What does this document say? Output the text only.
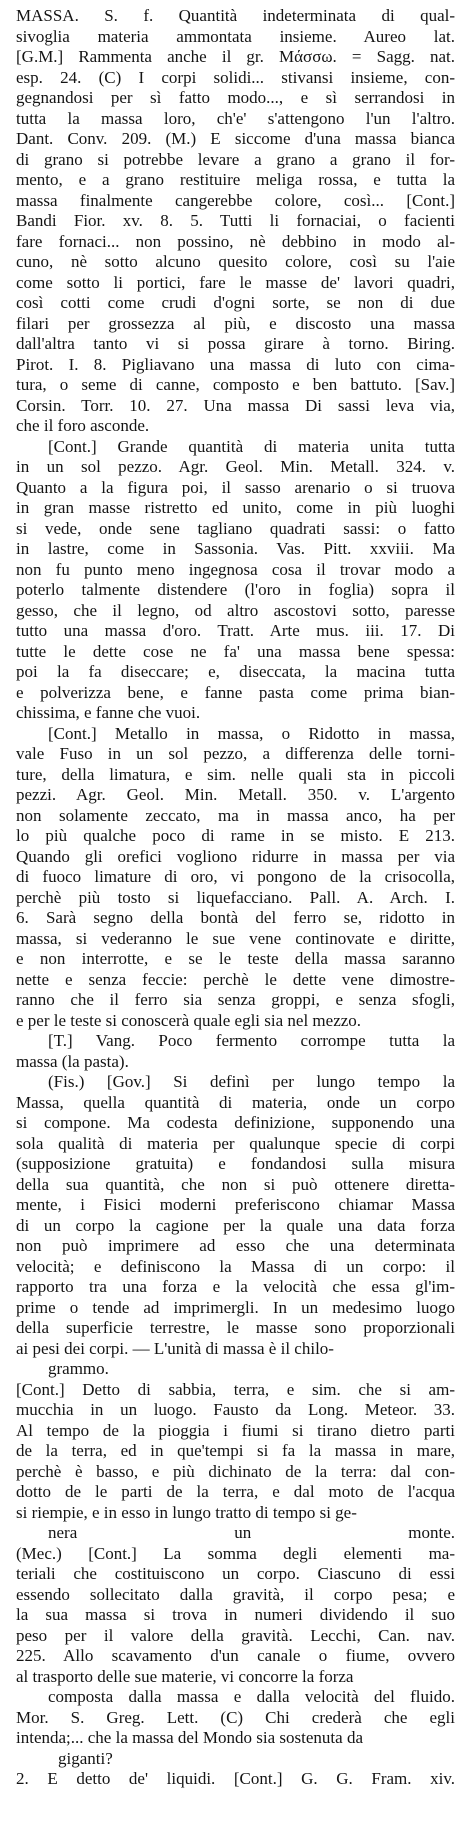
MASSA. S. f. Quantità indeterminata di qual-
sivoglia materia ammontata insieme. Aureo lat.
[G.M.] Rammenta anche il gr. Μάσσω. = Sagg. nat.
esp. 24. (C) I corpi solidi... stivansi insieme, con-
gegnandosi per sì fatto modo..., e sì serrandosi in
tutta la massa loro, ch'e' s'attengono l'un l'altro.
Dant. Conv. 209. (M.) E siccome d'una massa bianca
di grano si potrebbe levare a grano a grano il for-
mento, e a grano restituire meliga rossa, e tutta la
massa finalmente cangerebbe colore, così... [Cont.]
Bandi Fior. xv. 8. 5. Tutti li fornaciai, o facienti
fare fornaci... non possino, nè debbino in modo al-
cuno, nè sotto alcuno quesito colore, così su l'aie
come sotto li portici, fare le masse de' lavori quadri,
così cotti come crudi d'ogni sorte, se non di due
filari per grossezza al più, e discosto una massa
dall'altra tanto vi si possa girare à torno. Biring.
Pirot. I. 8. Pigliavano una massa di luto con cima-
tura, o seme di canne, composto e ben battuto. [Sav.]
Corsin. Torr. 10. 27. Una massa Di sassi leva via,
che il foro asconde.
[Cont.] Grande quantità di materia unita tutta
in un sol pezzo. Agr. Geol. Min. Metall. 324. v.
Quanto a la figura poi, il sasso arenario o si truova
in gran masse ristretto ed unito, come in più luoghi
si vede, onde sene tagliano quadrati sassi: o fatto
in lastre, come in Sassonia. Vas. Pitt. xxviii. Ma
non fu punto meno ingegnosa cosa il trovar modo a
poterlo talmente distendere (l'oro in foglia) sopra il
gesso, che il legno, od altro ascostovi sotto, paresse
tutto una massa d'oro. Tratt. Arte mus. iii. 17. Di
tutte le dette cose ne fa' una massa bene spessa:
poi la fa diseccare; e, diseccata, la macina tutta
e polverizza bene, e fanne pasta come prima bian-
chissima, e fanne che vuoi.
[Cont.] Metallo in massa, o Ridotto in massa,
vale Fuso in un sol pezzo, a differenza delle torni-
ture, della limatura, e sim. nelle quali sta in piccoli
pezzi. Agr. Geol. Min. Metall. 350. v. L'argento
non solamente zeccato, ma in massa anco, ha per
lo più qualche poco di rame in se misto. E 213.
Quando gli orefici vogliono ridurre in massa per via
di fuoco limature di oro, vi pongono de la crisocolla,
perchè più tosto si liquefacciano. Pall. A. Arch. I.
6. Sarà segno della bontà del ferro se, ridotto in
massa, si vederanno le sue vene continovate e diritte,
e non interrotte, e se le teste della massa saranno
nette e senza feccie: perchè le dette vene dimostre-
ranno che il ferro sia senza groppi, e senza sfogli,
e per le teste si conoscerà quale egli sia nel mezzo.
[T.] Vang. Poco fermento corrompe tutta la
massa (la pasta).
(Fis.) [Gov.] Si definì per lungo tempo la
Massa, quella quantità di materia, onde un corpo
si compone. Ma codesta definizione, supponendo una
sola qualità di materia per qualunque specie di corpi
(supposizione gratuita) e fondandosi sulla misura
della sua quantità, che non si può ottenere diretta-
mente, i Fisici moderni preferiscono chiamar Massa
di un corpo la cagione per la quale una data forza
non può imprimere ad esso che una determinata
velocità; e definiscono la Massa di un corpo: il
rapporto tra una forza e la velocità che essa gl'im-
prime o tende ad imprimergli. In un medesimo luogo
della superficie terrestre, le masse sono proporzionali
ai pesi dei corpi. — L'unità di massa è il chilo-
grammo.
[Cont.] Detto di sabbia, terra, e sim. che si am-
mucchia in un luogo. Fausto da Long. Meteor. 33.
Al tempo de la pioggia i fiumi si tirano dietro parti
de la terra, ed in que'tempi si fa la massa in mare,
perchè è basso, e più dichinato de la terra: dal con-
dotto de le parti de la terra, e dal moto de l'acqua
si riempie, e in esso in lungo tratto di tempo si ge-
nera un monte.
(Mec.) [Cont.] La somma degli elementi ma-
teriali che costituiscono un corpo. Ciascuno di essi
essendo sollecitato dalla gravità, il corpo pesa; e
la sua massa si trova in numeri dividendo il suo
peso per il valore della gravità. Lecchi, Can. nav.
225. Allo scavamento d'un canale o fiume, ovvero
al trasporto delle sue materie, vi concorre la forza
composta dalla massa e dalla velocità del fluido.
Mor. S. Greg. Lett. (C) Chi crederà che egli
intenda;... che la massa del Mondo sia sostenuta da
giganti?
2. E detto de' liquidi. [Cont.] G. G. Fram. xiv.
